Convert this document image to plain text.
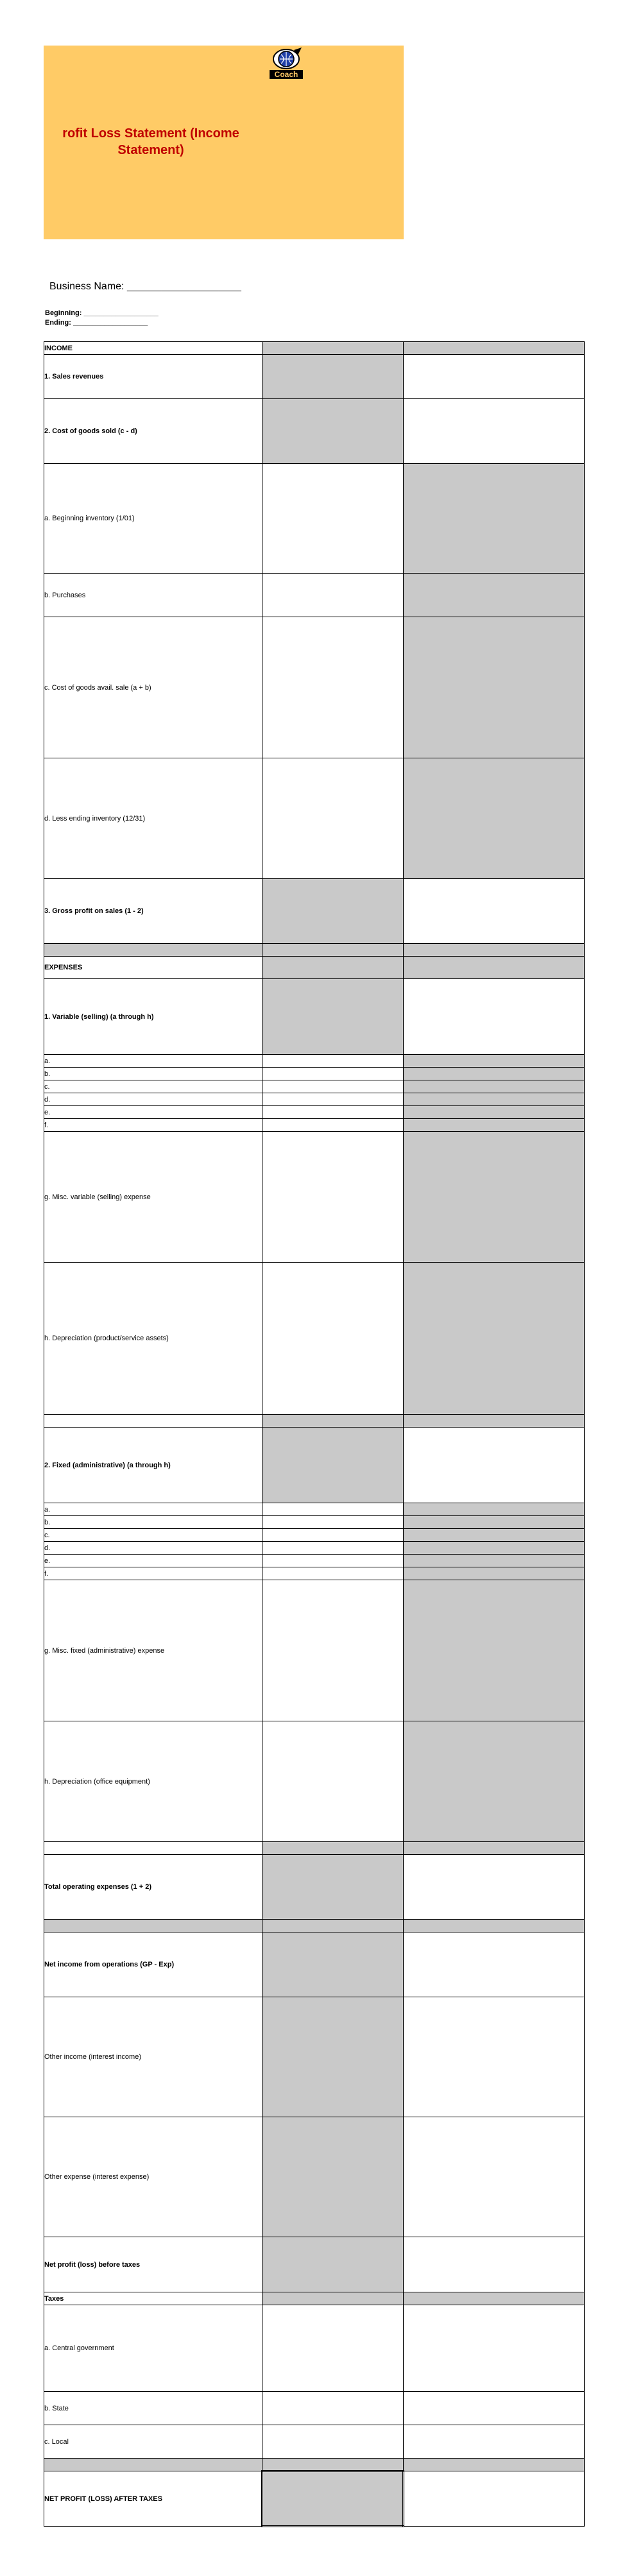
Coach
rofit Loss Statement (Income
Statement)
Business Name: ____________________
Beginning: ___________________
Ending: ___________________
INCOME		
1. Sales revenues		
2. Cost of goods sold (c - d)		
a. Beginning inventory (1/01)		
b. Purchases		
c. Cost of goods avail. sale (a + b)		
d. Less ending inventory (12/31)		
3. Gross profit on sales (1 - 2)		

EXPENSES		
1. Variable (selling) (a through h)		
a.		
b.		
c.		
d.		
e.		
f.		
g. Misc. variable (selling) expense		
h. Depreciation (product/service assets)		

2. Fixed (administrative) (a through h)		
a.		
b.		
c.		
d.		
e.		
f.		
g. Misc. fixed (administrative) expense		
h. Depreciation (office equipment)		

Total operating expenses (1 + 2)		

Net income from operations (GP - Exp)		
Other income (interest income)		
Other expense (interest expense)		
Net profit (loss) before taxes		
Taxes		
a. Central government		
b. State		
c. Local		

NET PROFIT (LOSS) AFTER TAXES		
